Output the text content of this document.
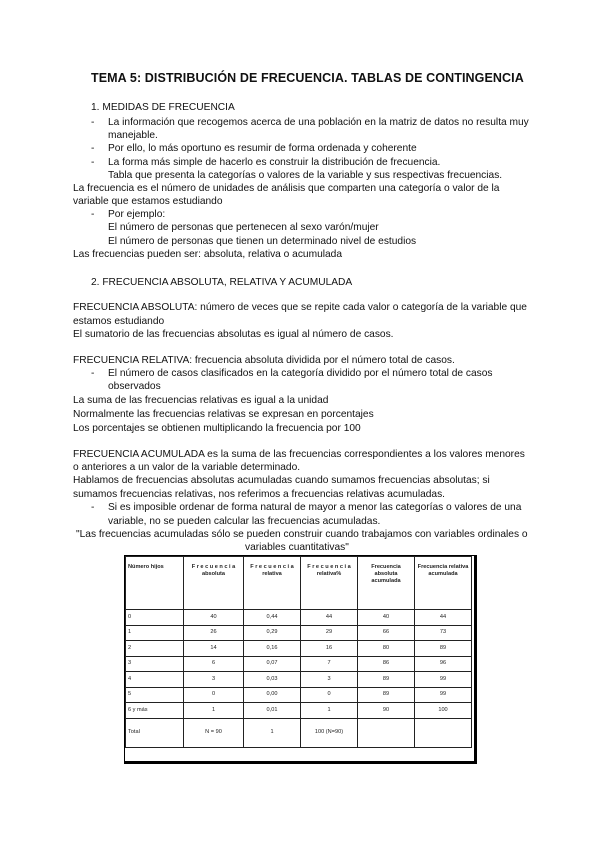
TEMA 5: DISTRIBUCIÓN DE FRECUENCIA. TABLAS DE CONTINGENCIA
1. MEDIDAS DE FRECUENCIA
- La información que recogemos acerca de una población en la matriz de datos no resulta muy
manejable.
- Por ello, lo más oportuno es resumir de forma ordenada y coherente
- La forma más simple de hacerlo es construir la distribución de frecuencia.
Tabla que presenta la categorías o valores de la variable y sus respectivas frecuencias.
La frecuencia es el número de unidades de análisis que comparten una categoría o valor de la
variable que estamos estudiando
- Por ejemplo:
El número de personas que pertenecen al sexo varón/mujer
El número de personas que tienen un determinado nivel de estudios
Las frecuencias pueden ser: absoluta, relativa o acumulada
2. FRECUENCIA ABSOLUTA, RELATIVA Y ACUMULADA
FRECUENCIA ABSOLUTA: número de veces que se repite cada valor o categoría de la variable que
estamos estudiando
El sumatorio de las frecuencias absolutas es igual al número de casos.
FRECUENCIA RELATIVA: frecuencia absoluta dividida por el número total de casos.
- El número de casos clasificados en la categoría dividido por el número total de casos
observados
La suma de las frecuencias relativas es igual a la unidad
Normalmente las frecuencias relativas se expresan en porcentajes
Los porcentajes se obtienen multiplicando la frecuencia por 100
FRECUENCIA ACUMULADA es la suma de las frecuencias correspondientes a los valores menores
o anteriores a un valor de la variable determinado.
Hablamos de frecuencias absolutas acumuladas cuando sumamos frecuencias absolutas; si
sumamos frecuencias relativas, nos referimos a frecuencias relativas acumuladas.
- Si es imposible ordenar de forma natural de mayor a menor las categorías o valores de una
variable, no se pueden calcular las frecuencias acumuladas.
"Las frecuencias acumuladas sólo se pueden construir cuando trabajamos con variables ordinales o
variables cuantitativas"
Número hijos	F r e c u e n c i a absoluta	F r e c u e n c i a relativa	F r e c u e n c i a relativa%	Frecuencia absoluta acumulada	Frecuencia relativa acumulada
0	40	0,44	44	40	44
1	26	0,29	29	66	73
2	14	0,16	16	80	89
3	6	0,07	7	86	96
4	3	0,03	3	89	99
5	0	0,00	0	89	99
6 y más	1	0,01	1	90	100
Total	N = 90	1	100 (N=90)		
